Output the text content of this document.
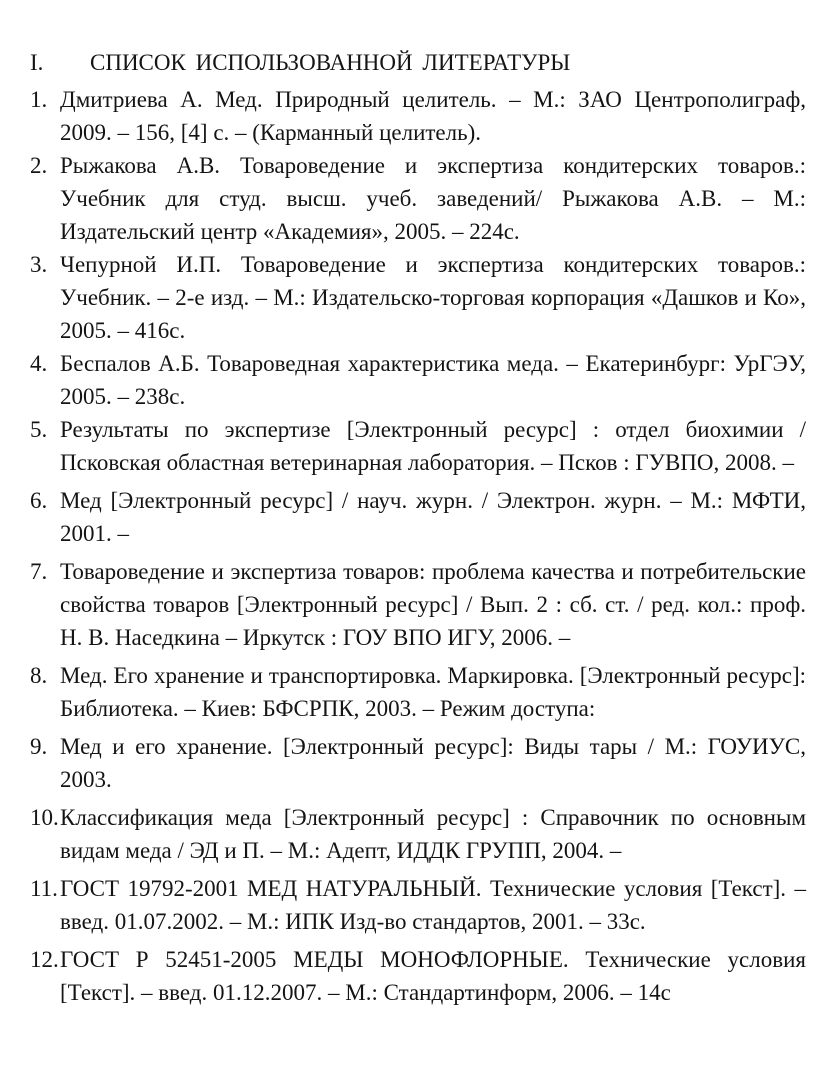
I. СПИСОК ИСПОЛЬЗОВАННОЙ ЛИТЕРАТУРЫ
1. Дмитриева А. Мед. Природный целитель. – М.: ЗАО Центрополиграф, 2009. – 156, [4] с. – (Карманный целитель).
2. Рыжакова А.В. Товароведение и экспертиза кондитерских товаров.: Учебник для студ. высш. учеб. заведений/ Рыжакова А.В. – М.: Издательский центр «Академия», 2005. – 224с.
3. Чепурной И.П. Товароведение и экспертиза кондитерских товаров.: Учебник. – 2-е изд. – М.: Издательско-торговая корпорация «Дашков и Ко», 2005. – 416с.
4. Беспалов А.Б. Товароведная характеристика меда. – Екатеринбург: УрГЭУ, 2005. – 238с.
5. Результаты по экспертизе [Электронный ресурс] : отдел биохимии / Псковская областная ветеринарная лаборатория. – Псков : ГУВПО, 2008. –
6. Мед [Электронный ресурс] / науч. журн. / Электрон. журн. – М.: МФТИ, 2001. –
7. Товароведение и экспертиза товаров: проблема качества и потребительские свойства товаров [Электронный ресурс] / Вып. 2 : сб. ст. / ред. кол.: проф. Н. В. Наседкина – Иркутск : ГОУ ВПО ИГУ, 2006. –
8. Мед. Его хранение и транспортировка. Маркировка. [Электронный ресурс]: Библиотека. – Киев: БФСРПК, 2003. – Режим доступа:
9. Мед и его хранение. [Электронный ресурс]: Виды тары / М.: ГОУИУС, 2003.
10. Классификация меда [Электронный ресурс] : Справочник по основным видам меда / ЭД и П. – М.: Адепт, ИДДК ГРУПП, 2004. –
11. ГОСТ 19792-2001 МЕД НАТУРАЛЬНЫЙ. Технические условия [Текст]. – введ. 01.07.2002. – М.: ИПК Изд-во стандартов, 2001. – 33с.
12. ГОСТ Р 52451-2005 МЕДЫ МОНОФЛОРНЫЕ. Технические условия [Текст]. – введ. 01.12.2007. – М.: Стандартинформ, 2006. – 14с
